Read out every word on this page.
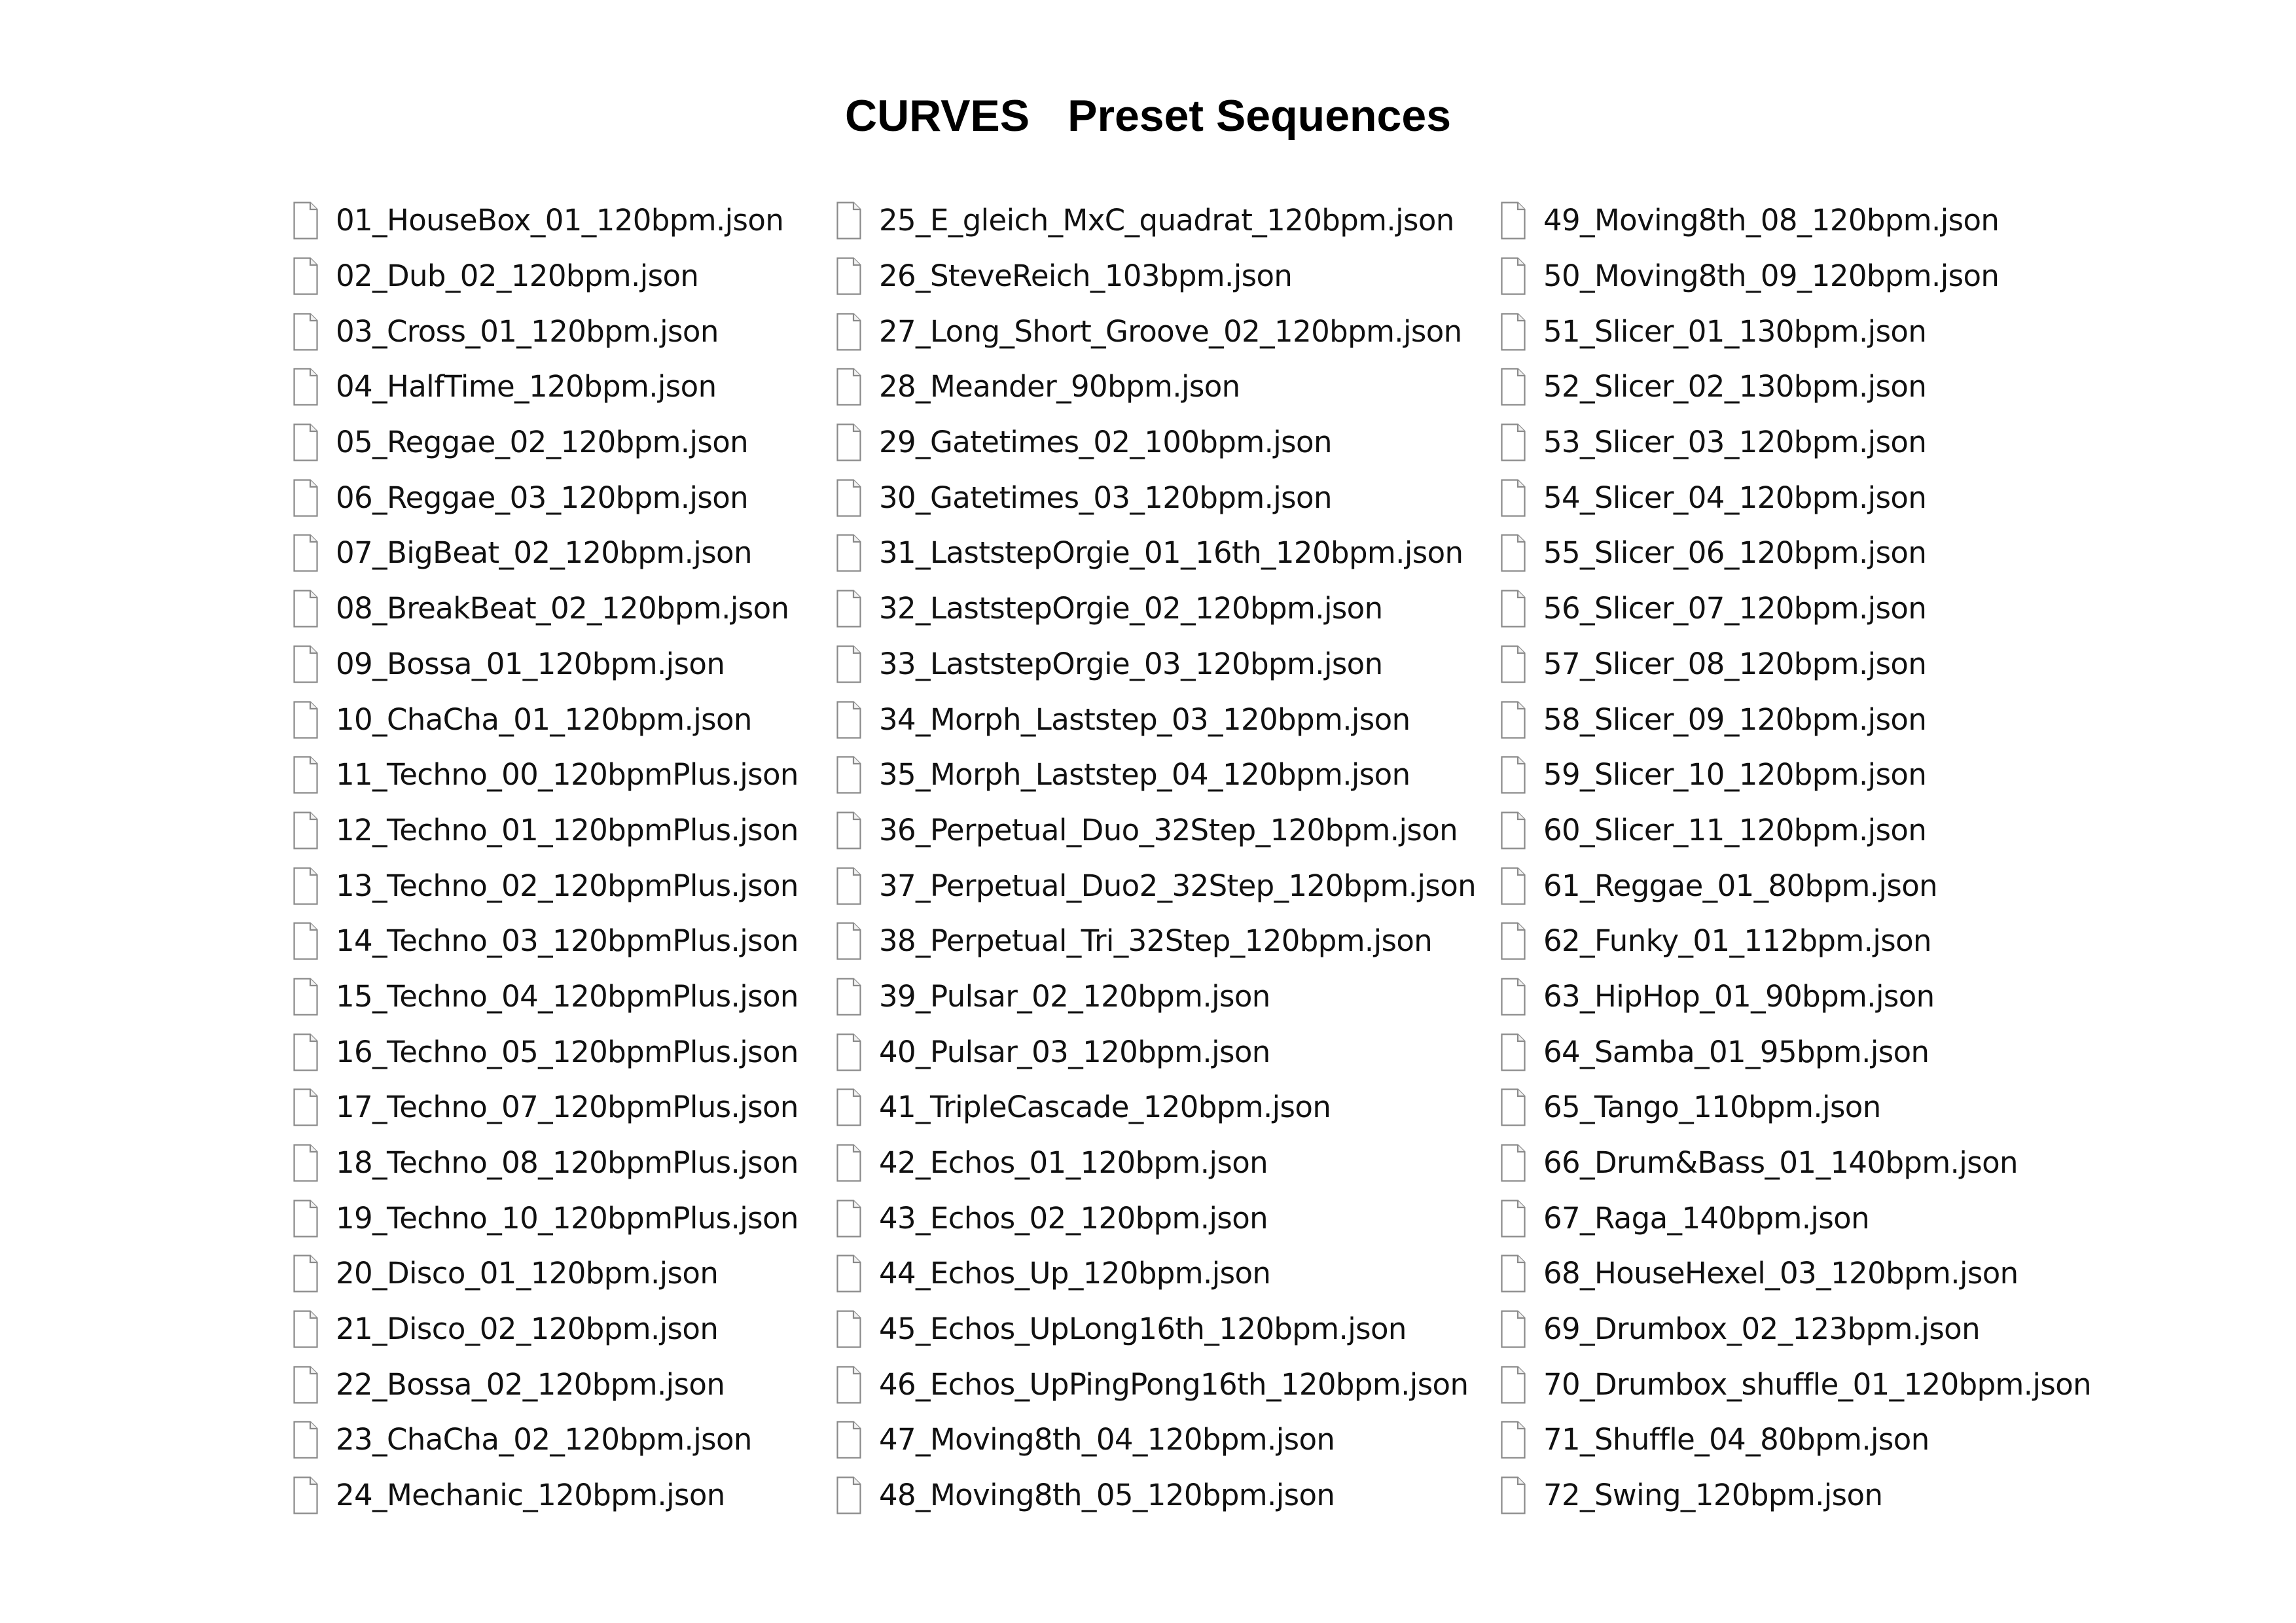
CURVES Preset Sequences
01_HouseBox_01_120bpm.json
02_Dub_02_120bpm.json
03_Cross_01_120bpm.json
04_HalfTime_120bpm.json
05_Reggae_02_120bpm.json
06_Reggae_03_120bpm.json
07_BigBeat_02_120bpm.json
08_BreakBeat_02_120bpm.json
09_Bossa_01_120bpm.json
10_ChaCha_01_120bpm.json
11_Techno_00_120bpmPlus.json
12_Techno_01_120bpmPlus.json
13_Techno_02_120bpmPlus.json
14_Techno_03_120bpmPlus.json
15_Techno_04_120bpmPlus.json
16_Techno_05_120bpmPlus.json
17_Techno_07_120bpmPlus.json
18_Techno_08_120bpmPlus.json
19_Techno_10_120bpmPlus.json
20_Disco_01_120bpm.json
21_Disco_02_120bpm.json
22_Bossa_02_120bpm.json
23_ChaCha_02_120bpm.json
24_Mechanic_120bpm.json
25_E_gleich_MxC_quadrat_120bpm.json
26_SteveReich_103bpm.json
27_Long_Short_Groove_02_120bpm.json
28_Meander_90bpm.json
29_Gatetimes_02_100bpm.json
30_Gatetimes_03_120bpm.json
31_LaststepOrgie_01_16th_120bpm.json
32_LaststepOrgie_02_120bpm.json
33_LaststepOrgie_03_120bpm.json
34_Morph_Laststep_03_120bpm.json
35_Morph_Laststep_04_120bpm.json
36_Perpetual_Duo_32Step_120bpm.json
37_Perpetual_Duo2_32Step_120bpm.json
38_Perpetual_Tri_32Step_120bpm.json
39_Pulsar_02_120bpm.json
40_Pulsar_03_120bpm.json
41_TripleCascade_120bpm.json
42_Echos_01_120bpm.json
43_Echos_02_120bpm.json
44_Echos_Up_120bpm.json
45_Echos_UpLong16th_120bpm.json
46_Echos_UpPingPong16th_120bpm.json
47_Moving8th_04_120bpm.json
48_Moving8th_05_120bpm.json
49_Moving8th_08_120bpm.json
50_Moving8th_09_120bpm.json
51_Slicer_01_130bpm.json
52_Slicer_02_130bpm.json
53_Slicer_03_120bpm.json
54_Slicer_04_120bpm.json
55_Slicer_06_120bpm.json
56_Slicer_07_120bpm.json
57_Slicer_08_120bpm.json
58_Slicer_09_120bpm.json
59_Slicer_10_120bpm.json
60_Slicer_11_120bpm.json
61_Reggae_01_80bpm.json
62_Funky_01_112bpm.json
63_HipHop_01_90bpm.json
64_Samba_01_95bpm.json
65_Tango_110bpm.json
66_Drum&Bass_01_140bpm.json
67_Raga_140bpm.json
68_HouseHexel_03_120bpm.json
69_Drumbox_02_123bpm.json
70_Drumbox_shuffle_01_120bpm.json
71_Shuffle_04_80bpm.json
72_Swing_120bpm.json
